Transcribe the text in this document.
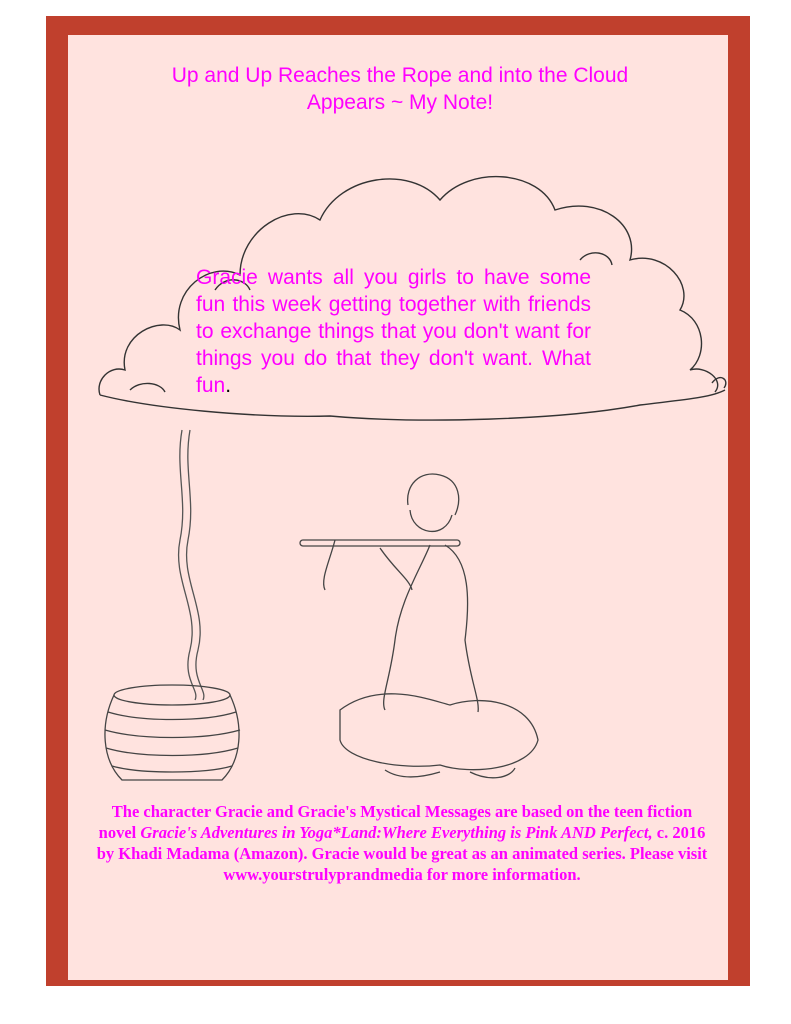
Up and Up Reaches the Rope and into the Cloud
Appears ~ My Note!
Gracie wants all you girls to have some fun this week getting together with friends to exchange things that you don't want for things you do that they don't want. What fun.
The character Gracie and Gracie's Mystical Messages are based on the teen fiction novel Gracie's Adventures in Yoga*Land:Where Everything is Pink AND Perfect, c. 2016 by Khadi Madama (Amazon). Gracie would be great as an animated series. Please visit www.yourstrulyprandmedia for more information.
